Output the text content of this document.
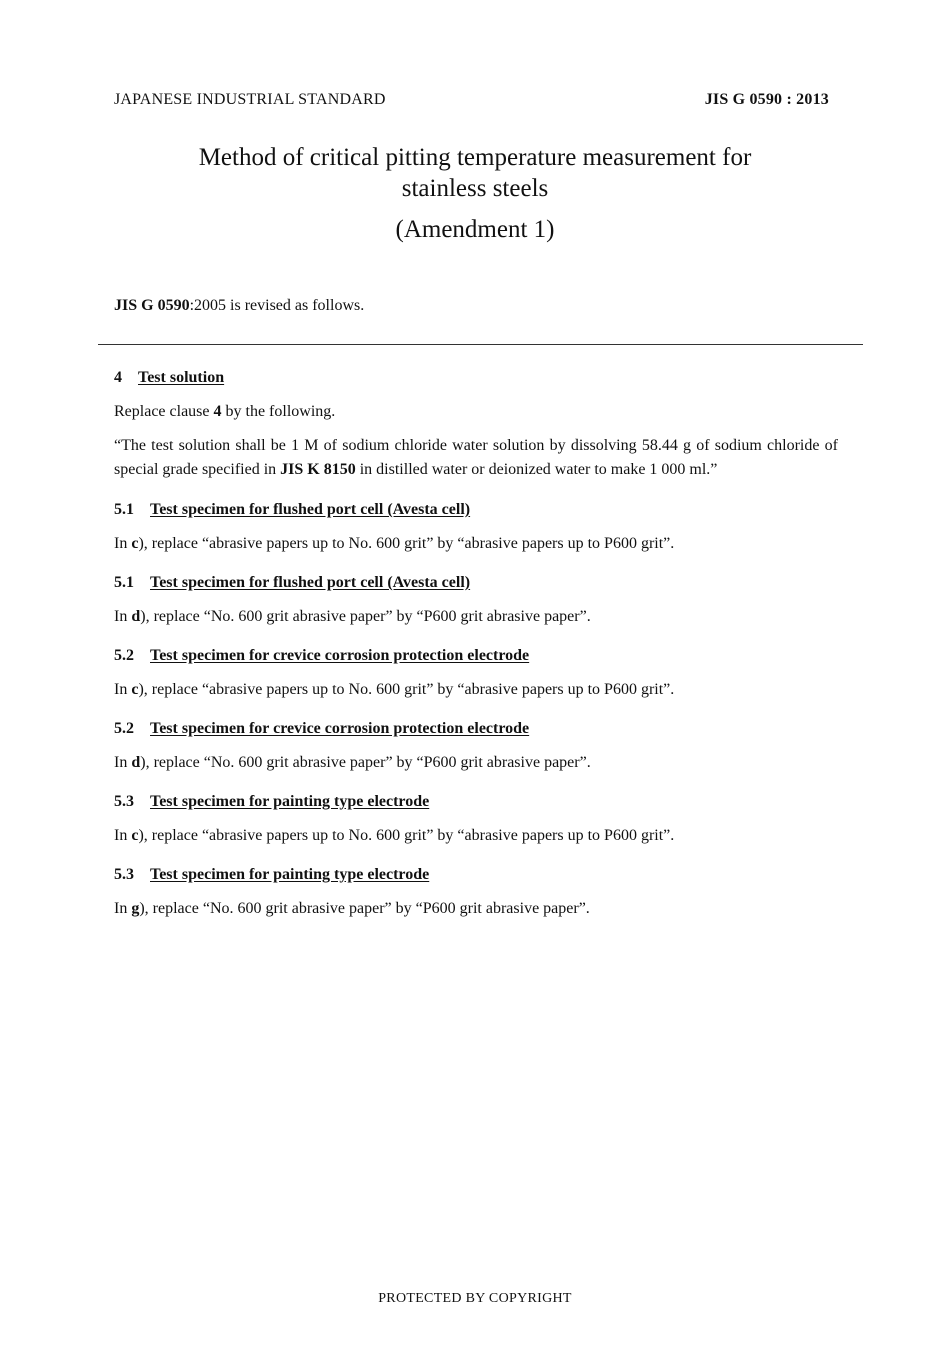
JAPANESE INDUSTRIAL STANDARD	JIS G 0590 : 2013
Method of critical pitting temperature measurement for
stainless steels
(Amendment 1)
JIS G 0590:2005 is revised as follows.
4 Test solution
Replace clause 4 by the following.
“The test solution shall be 1 M of sodium chloride water solution by dissolving 58.44 g of sodium chloride of special grade specified in JIS K 8150 in distilled water or deionized water to make 1 000 ml.”
5.1 Test specimen for flushed port cell (Avesta cell)
In c), replace “abrasive papers up to No. 600 grit” by “abrasive papers up to P600 grit”.
5.1 Test specimen for flushed port cell (Avesta cell)
In d), replace “No. 600 grit abrasive paper” by “P600 grit abrasive paper”.
5.2 Test specimen for crevice corrosion protection electrode
In c), replace “abrasive papers up to No. 600 grit” by “abrasive papers up to P600 grit”.
5.2 Test specimen for crevice corrosion protection electrode
In d), replace “No. 600 grit abrasive paper” by “P600 grit abrasive paper”.
5.3 Test specimen for painting type electrode
In c), replace “abrasive papers up to No. 600 grit” by “abrasive papers up to P600 grit”.
5.3 Test specimen for painting type electrode
In g), replace “No. 600 grit abrasive paper” by “P600 grit abrasive paper”.
PROTECTED BY COPYRIGHT
